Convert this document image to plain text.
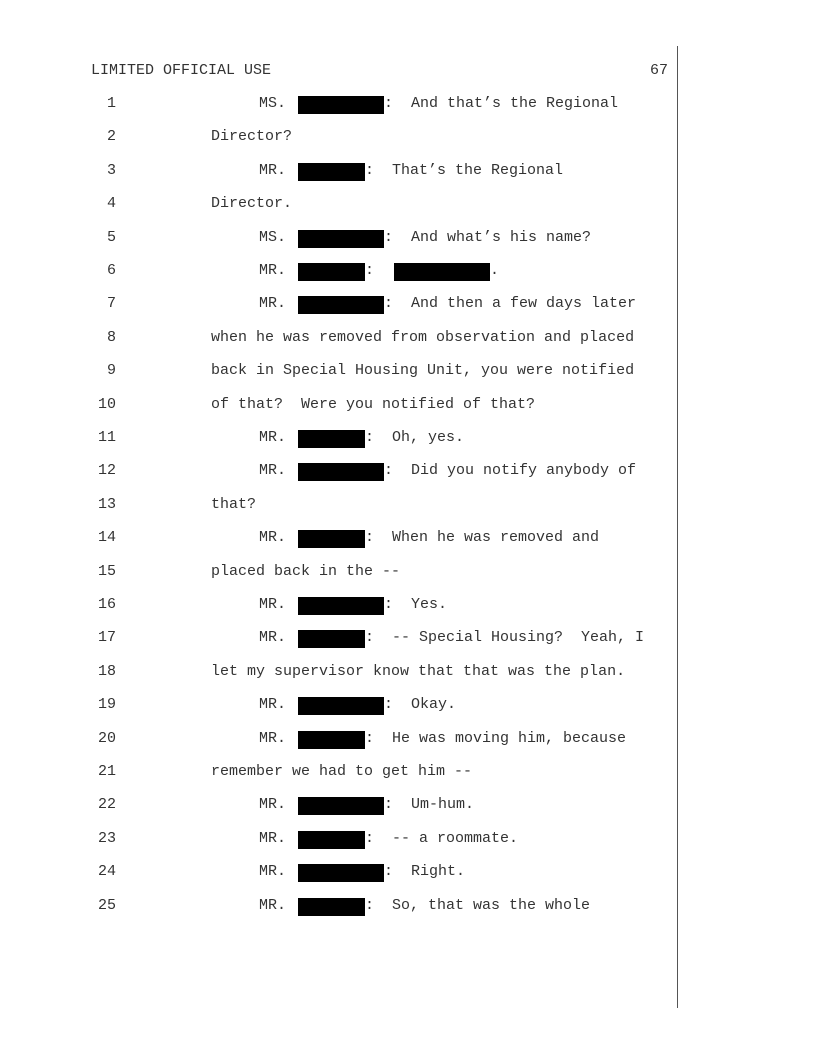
LIMITED OFFICIAL USE	67
1	MS.	:  And that’s the Regional
2	Director?
3	MR.	:  That’s the Regional
4	Director.
5	MS.	:  And what’s his name?
6	MR.	:	.
7	MR.	:  And then a few days later
8	when he was removed from observation and placed
9	back in Special Housing Unit, you were notified
10	of that?  Were you notified of that?
11	MR.	:  Oh, yes.
12	MR.	:  Did you notify anybody of
13	that?
14	MR.	:  When he was removed and
15	placed back in the --
16	MR.	:  Yes.
17	MR.	:  -- Special Housing?  Yeah, I
18	let my supervisor know that that was the plan.
19	MR.	:  Okay.
20	MR.	:  He was moving him, because
21	remember we had to get him --
22	MR.	:  Um-hum.
23	MR.	:  -- a roommate.
24	MR.	:  Right.
25	MR.	:  So, that was the whole
